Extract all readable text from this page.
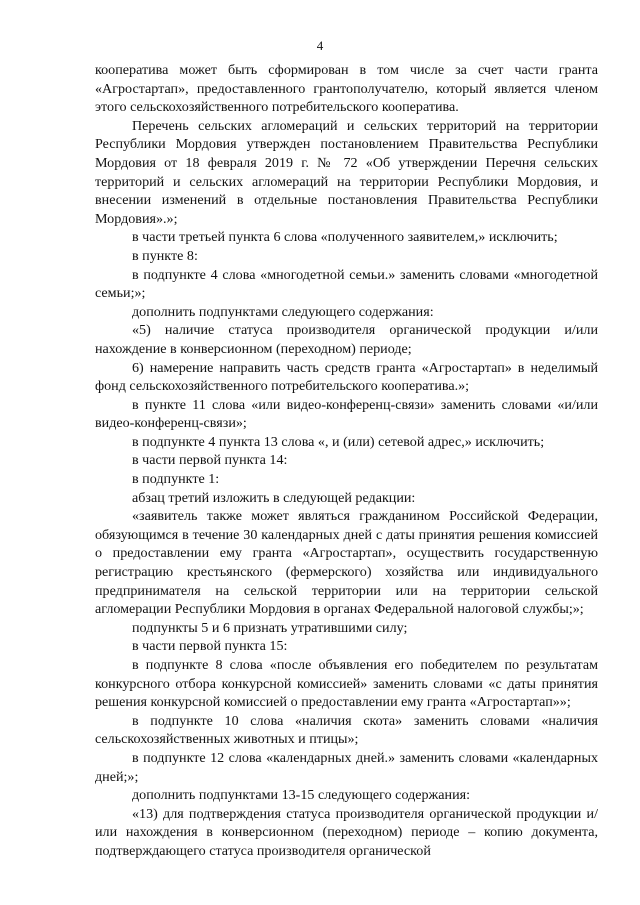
4

кооператива может быть сформирован в том числе за счет части гранта «Агростартап», предоставленного грантополучателю, который является членом этого сельскохозяйственного потребительского кооператива.

Перечень сельских агломераций и сельских территорий на территории Республики Мордовия утвержден постановлением Правительства Республики Мордовия от 18 февраля 2019 г. № 72 «Об утверждении Перечня сельских территорий и сельских агломераций на территории Республики Мордовия, и внесении изменений в отдельные постановления Правительства Республики Мордовия».»;

в части третьей пункта 6 слова «полученного заявителем,» исключить;

в пункте 8:

в подпункте 4 слова «многодетной семьи.» заменить словами «многодетной семьи;»;

дополнить подпунктами следующего содержания:

«5) наличие статуса производителя органической продукции и/или нахождение в конверсионном (переходном) периоде;

6) намерение направить часть средств гранта «Агростартап» в неделимый фонд сельскохозяйственного потребительского кооператива.»;

в пункте 11 слова «или видео-конференц-связи» заменить словами «и/или видео-конференц-связи»;

в подпункте 4 пункта 13 слова «, и (или) сетевой адрес,» исключить;

в части первой пункта 14:

в подпункте 1:

абзац третий изложить в следующей редакции:

«заявитель также может являться гражданином Российской Федерации, обязующимся в течение 30 календарных дней с даты принятия решения комиссией о предоставлении ему гранта «Агростартап», осуществить государственную регистрацию крестьянского (фермерского) хозяйства или индивидуального предпринимателя на сельской территории или на территории сельской агломерации Республики Мордовия в органах Федеральной налоговой службы;»;

подпункты 5 и 6 признать утратившими силу;

в части первой пункта 15:

в подпункте 8 слова «после объявления его победителем по результатам конкурсного отбора конкурсной комиссией» заменить словами «с даты принятия решения конкурсной комиссией о предоставлении ему гранта «Агростартап»»;

в подпункте 10 слова «наличия скота» заменить словами «наличия сельскохозяйственных животных и птицы»;

в подпункте 12 слова «календарных дней.» заменить словами «календарных дней;»;

дополнить подпунктами 13-15 следующего содержания:

«13) для подтверждения статуса производителя органической продукции и/или нахождения в конверсионном (переходном) периоде – копию документа, подтверждающего статуса производителя органической
